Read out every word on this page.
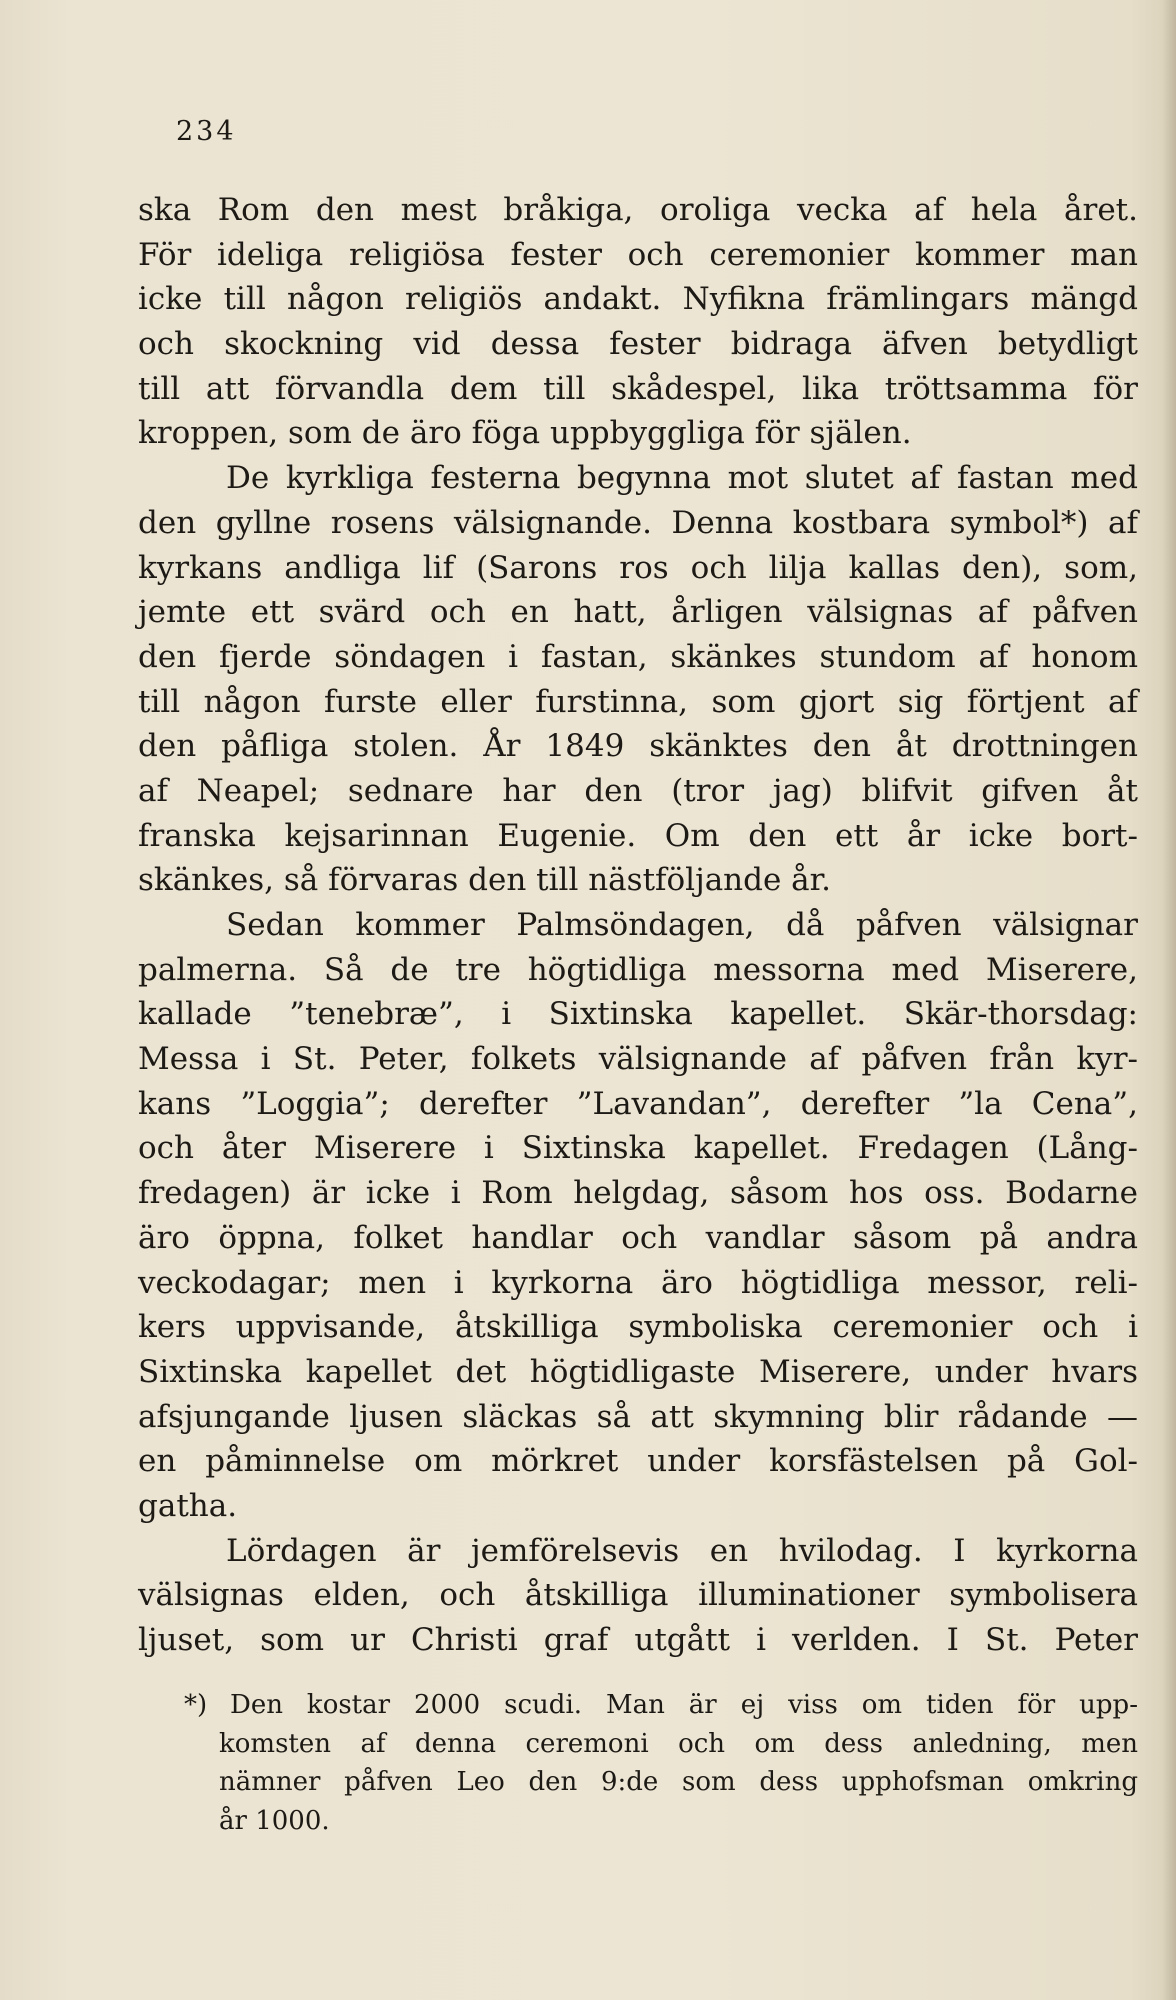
234
ska Rom den mest bråkiga, oroliga vecka af hela året.
För ideliga religiösa fester och ceremonier kommer man
icke till någon religiös andakt. Nyfikna främlingars mängd
och skockning vid dessa fester bidraga äfven betydligt
till att förvandla dem till skådespel, lika tröttsamma för
kroppen, som de äro föga uppbyggliga för själen.
De kyrkliga festerna begynna mot slutet af fastan med
den gyllne rosens välsignande. Denna kostbara symbol*) af
kyrkans andliga lif (Sarons ros och lilja kallas den), som,
jemte ett svärd och en hatt, årligen välsignas af påfven
den fjerde söndagen i fastan, skänkes stundom af honom
till någon furste eller furstinna, som gjort sig förtjent af
den påfliga stolen. År 1849 skänktes den åt drottningen
af Neapel; sednare har den (tror jag) blifvit gifven åt
franska kejsarinnan Eugenie. Om den ett år icke bort-
skänkes, så förvaras den till nästföljande år.
Sedan kommer Palmsöndagen, då påfven välsignar
palmerna. Så de tre högtidliga messorna med Miserere,
kallade ”tenebræ”, i Sixtinska kapellet. Skär-thorsdag:
Messa i St. Peter, folkets välsignande af påfven från kyr-
kans ”Loggia”; derefter ”Lavandan”, derefter ”la Cena”,
och åter Miserere i Sixtinska kapellet. Fredagen (Lång-
fredagen) är icke i Rom helgdag, såsom hos oss. Bodarne
äro öppna, folket handlar och vandlar såsom på andra
veckodagar; men i kyrkorna äro högtidliga messor, reli-
kers uppvisande, åtskilliga symboliska ceremonier och i
Sixtinska kapellet det högtidligaste Miserere, under hvars
afsjungande ljusen släckas så att skymning blir rådande —
en påminnelse om mörkret under korsfästelsen på Gol-
gatha.
Lördagen är jemförelsevis en hvilodag. I kyrkorna
välsignas elden, och åtskilliga illuminationer symbolisera
ljuset, som ur Christi graf utgått i verlden. I St. Peter
*) Den kostar 2000 scudi. Man är ej viss om tiden för upp-
komsten af denna ceremoni och om dess anledning, men
nämner påfven Leo den 9:de som dess upphofsman omkring
år 1000.
